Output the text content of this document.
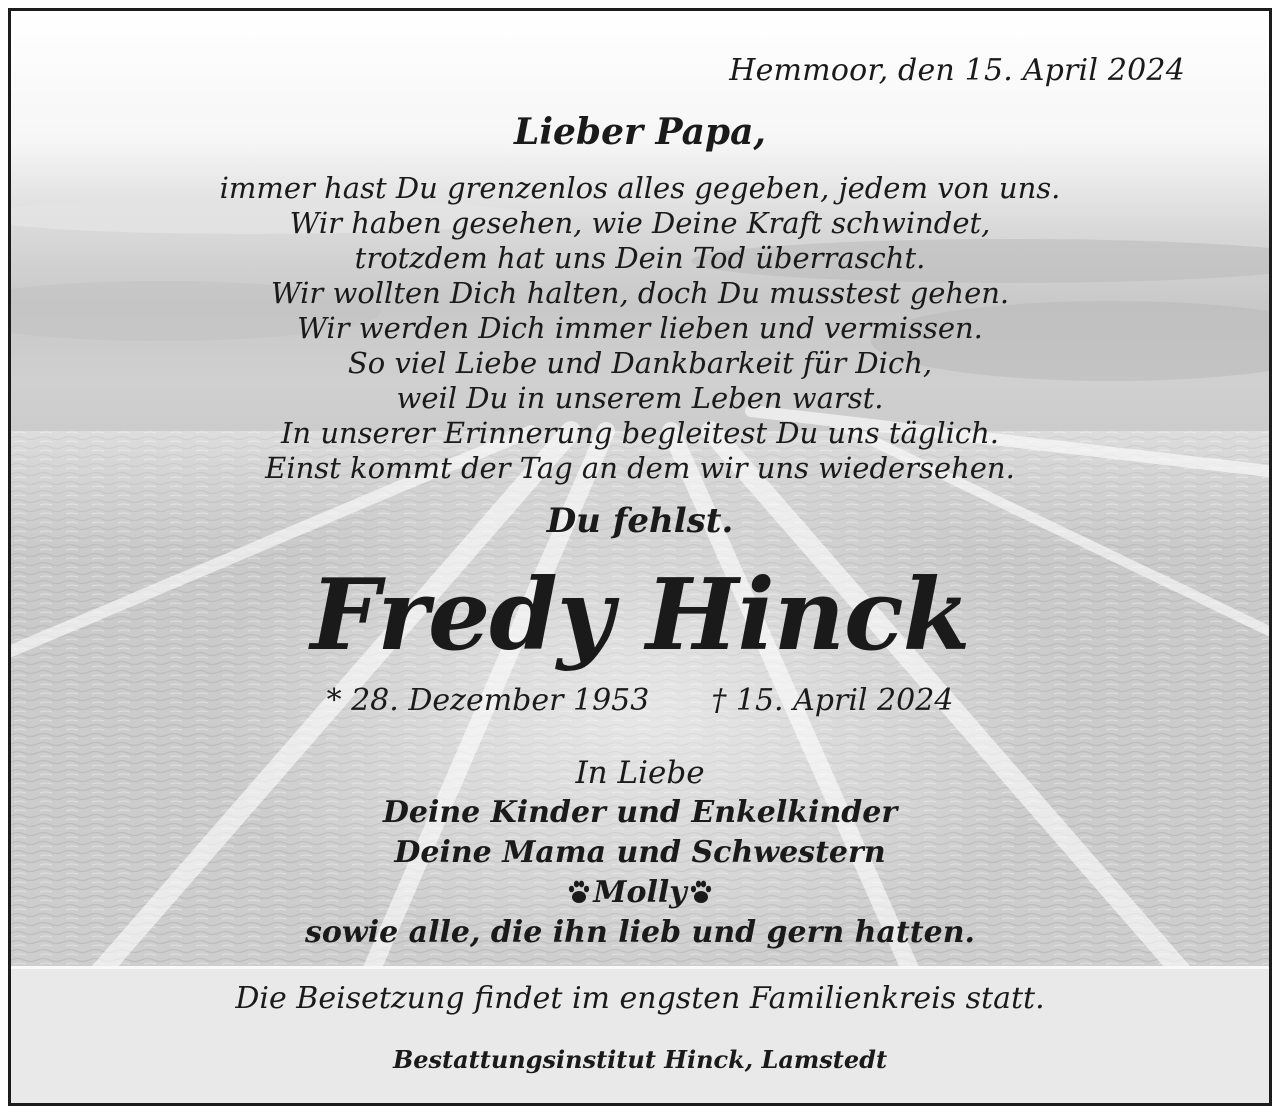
Hemmoor, den 15. April 2024
Lieber Papa,
immer hast Du grenzenlos alles gegeben, jedem von uns.
Wir haben gesehen, wie Deine Kraft schwindet,
trotzdem hat uns Dein Tod überrascht.
Wir wollten Dich halten, doch Du musstest gehen.
Wir werden Dich immer lieben und vermissen.
So viel Liebe und Dankbarkeit für Dich,
weil Du in unserem Leben warst.
In unserer Erinnerung begleitest Du uns täglich.
Einst kommt der Tag an dem wir uns wiedersehen.
Du fehlst.
Fredy Hinck
* 28. Dezember 1953 † 15. April 2024
In Liebe
Deine Kinder und Enkelkinder
Deine Mama und Schwestern
Molly
sowie alle, die ihn lieb und gern hatten.
Die Beisetzung findet im engsten Familienkreis statt.
Bestattungsinstitut Hinck, Lamstedt
